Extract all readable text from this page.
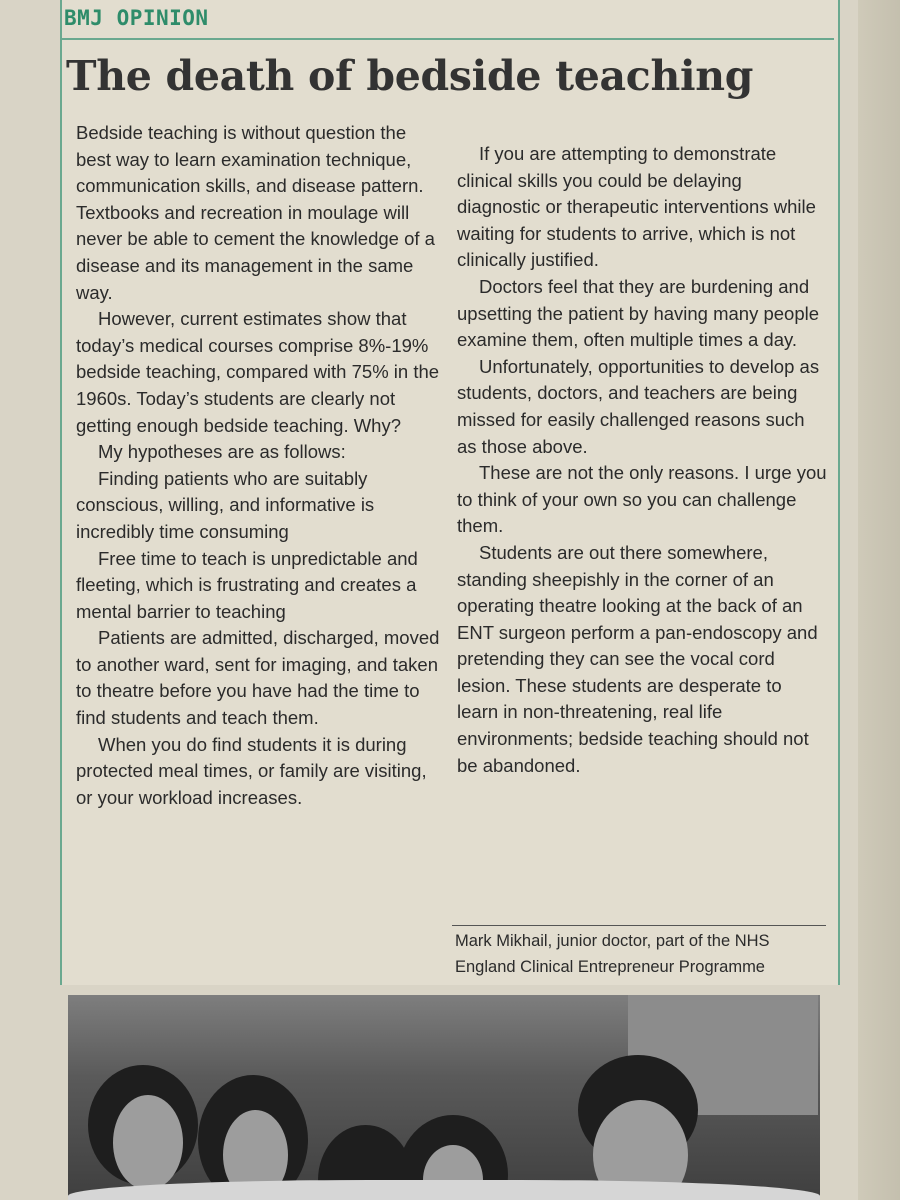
BMJ OPINION
The death of bedside teaching

Bedside teaching is without question the best way to learn examination technique, communication skills, and disease pattern. Textbooks and recreation in moulage will never be able to cement the knowledge of a disease and its management in the same way.

However, current estimates show that today’s medical courses comprise 8%-19% bedside teaching, compared with 75% in the 1960s. Today’s students are clearly not getting enough bedside teaching. Why?

My hypotheses are as follows:

Finding patients who are suitably conscious, willing, and informative is incredibly time consuming

Free time to teach is unpredictable and fleeting, which is frustrating and creates a mental barrier to teaching

Patients are admitted, discharged, moved to another ward, sent for imaging, and taken to theatre before you have had the time to find students and teach them.

When you do find students it is during protected meal times, or family are visiting, or your workload increases.

If you are attempting to demonstrate clinical skills you could be delaying diagnostic or therapeutic interventions while waiting for students to arrive, which is not clinically justified.

Doctors feel that they are burdening and upsetting the patient by having many people examine them, often multiple times a day.

Unfortunately, opportunities to develop as students, doctors, and teachers are being missed for easily challenged reasons such as those above.

These are not the only reasons. I urge you to think of your own so you can challenge them.

Students are out there somewhere, standing sheepishly in the corner of an operating theatre looking at the back of an ENT surgeon perform a pan-endoscopy and pretending they can see the vocal cord lesion. These students are desperate to learn in non-threatening, real life environments; bedside teaching should not be abandoned.

Mark Mikhail, junior doctor, part of the NHS England Clinical Entrepreneur Programme
